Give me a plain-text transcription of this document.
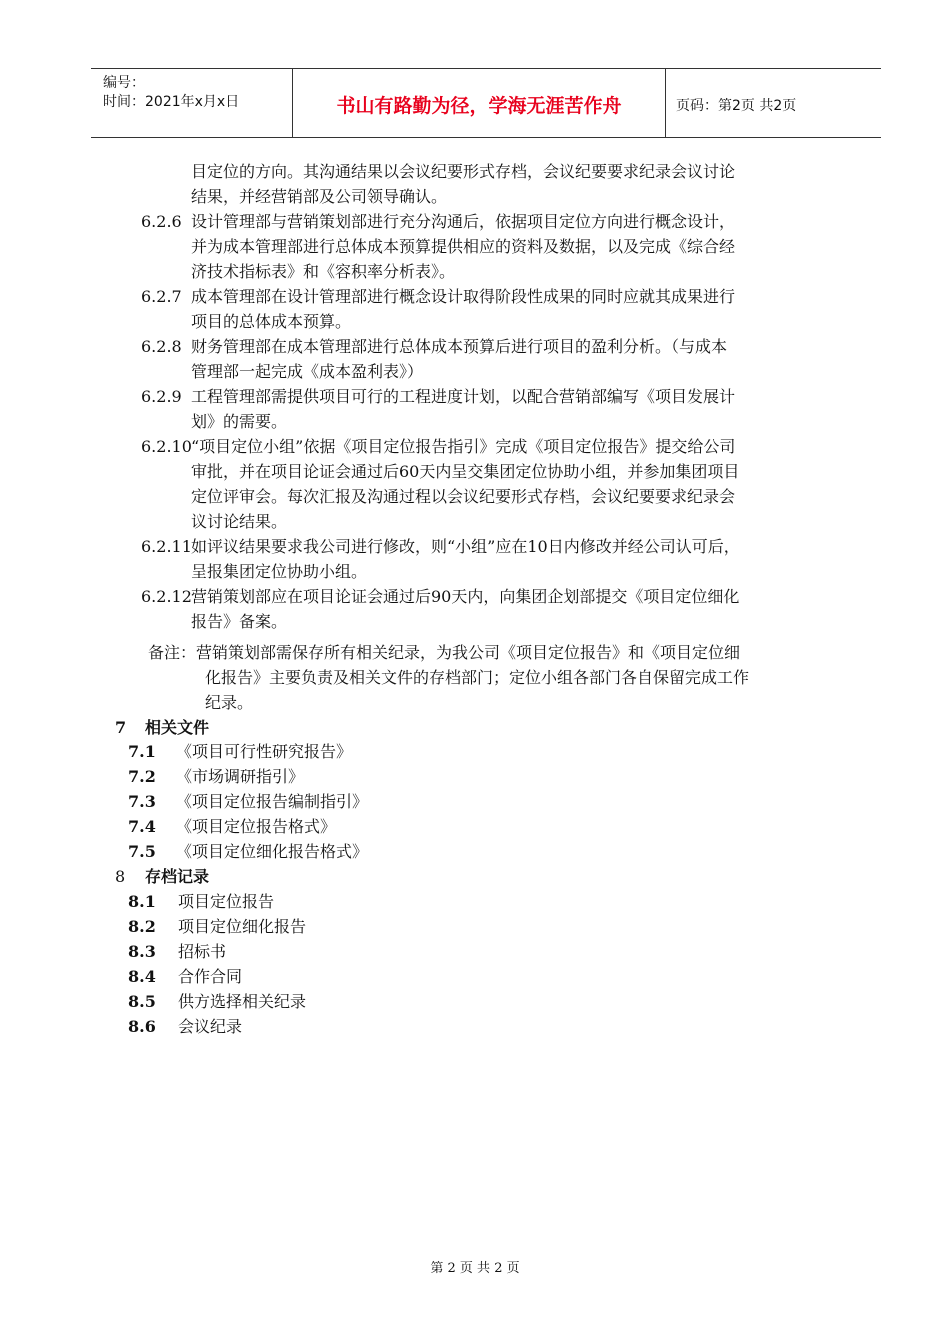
编号：
时间：2021年x月x日	书山有路勤为径，学海无涯苦作舟	页码：第2页 共2页
目定位的方向。其沟通结果以会议纪要形式存档，会议纪要要求纪录会议讨论
结果，并经营销部及公司领导确认。
6.2.6 设计管理部与营销策划部进行充分沟通后，依据项目定位方向进行概念设计，
并为成本管理部进行总体成本预算提供相应的资料及数据，以及完成《综合经
济技术指标表》和《容积率分析表》。
6.2.7 成本管理部在设计管理部进行概念设计取得阶段性成果的同时应就其成果进行
项目的总体成本预算。
6.2.8 财务管理部在成本管理部进行总体成本预算后进行项目的盈利分析。（与成本
管理部一起完成《成本盈利表》）
6.2.9 工程管理部需提供项目可行的工程进度计划，以配合营销部编写《项目发展计
划》的需要。
6.2.10 “项目定位小组”依据《项目定位报告指引》完成《项目定位报告》提交给公司
审批，并在项目论证会通过后60天内呈交集团定位协助小组，并参加集团项目
定位评审会。每次汇报及沟通过程以会议纪要形式存档，会议纪要要求纪录会
议讨论结果。
6.2.11 如评议结果要求我公司进行修改，则“小组”应在10日内修改并经公司认可后，
呈报集团定位协助小组。
6.2.12 营销策划部应在项目论证会通过后90天内，向集团企划部提交《项目定位细化
报告》备案。
备注：营销策划部需保存所有相关纪录，为我公司《项目定位报告》和《项目定位细
化报告》主要负责及相关文件的存档部门；定位小组各部门各自保留完成工作
纪录。
7 相关文件
7.1 《项目可行性研究报告》
7.2 《市场调研指引》
7.3 《项目定位报告编制指引》
7.4 《项目定位报告格式》
7.5 《项目定位细化报告格式》
8 存档记录
8.1 项目定位报告
8.2 项目定位细化报告
8.3 招标书
8.4 合作合同
8.5 供方选择相关纪录
8.6 会议纪录
第 2 页 共 2 页
